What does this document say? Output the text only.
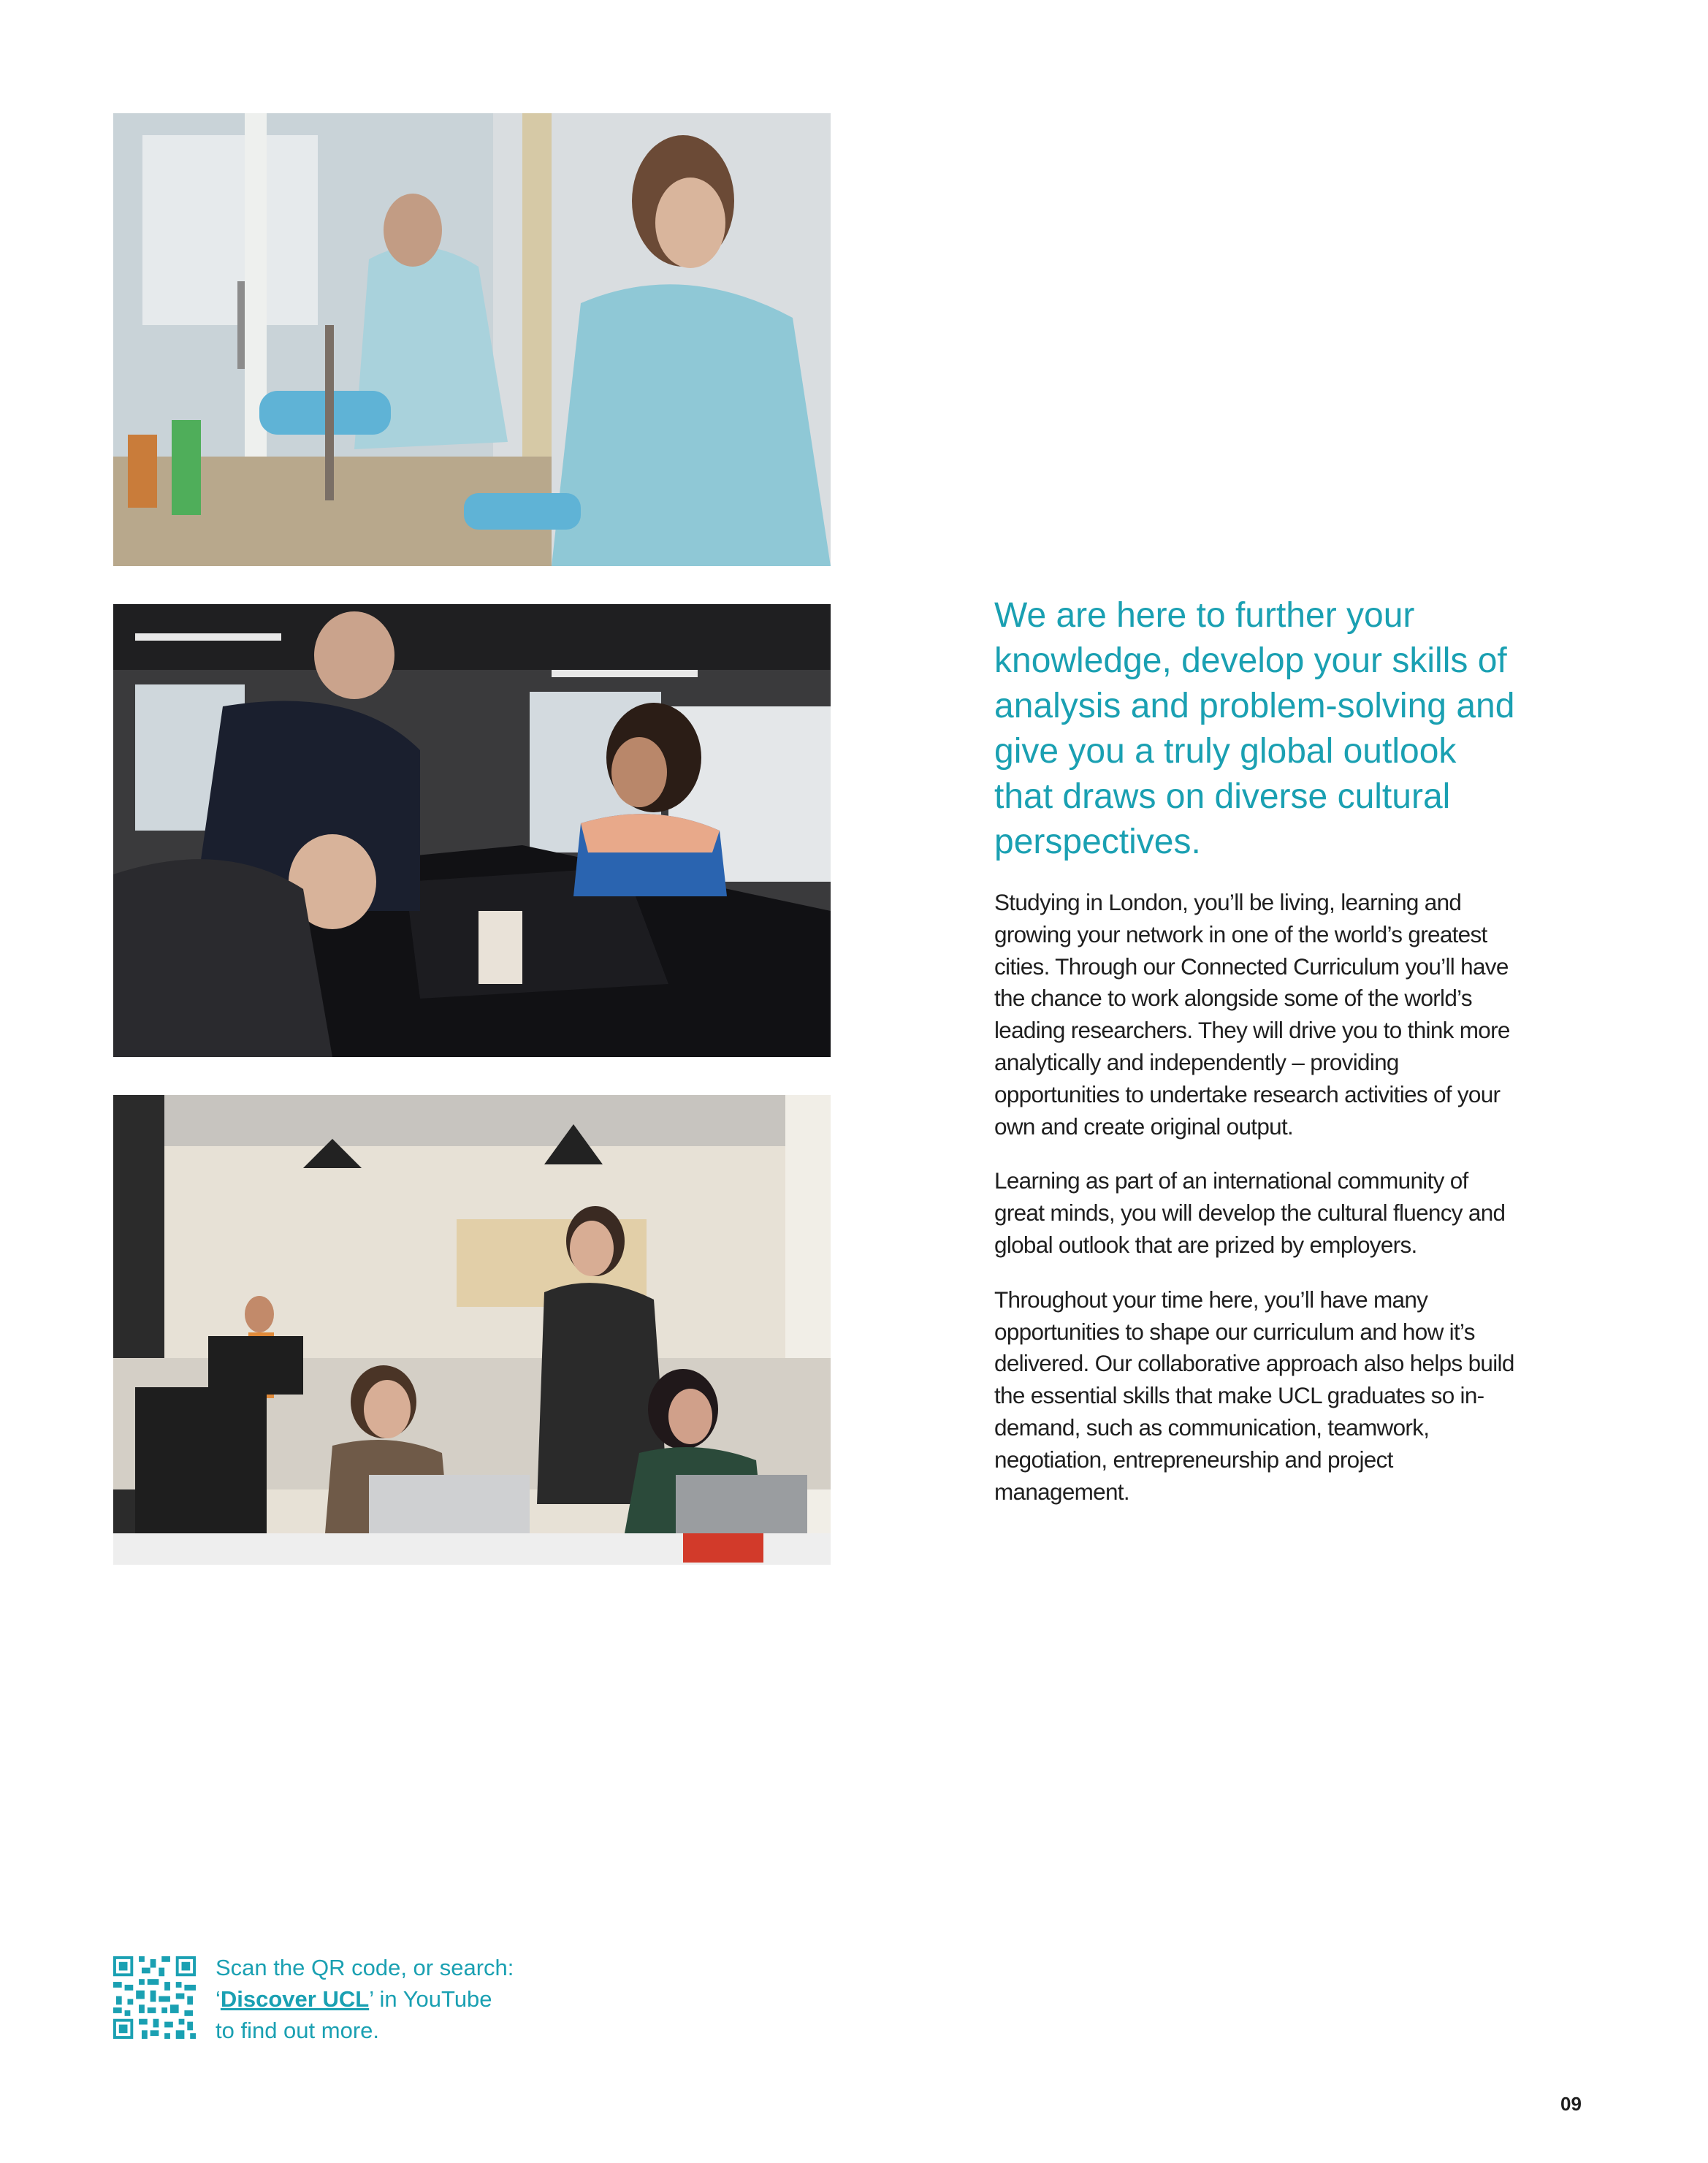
We are here to further your knowledge, develop your skills of analysis and problem-solving and give you a truly global outlook that draws on diverse cultural perspectives.

Studying in London, you’ll be living, learning and growing your network in one of the world’s greatest cities. Through our Connected Curriculum you’ll have the chance to work alongside some of the world’s leading researchers. They will drive you to think more analytically and independently – providing opportunities to undertake research activities of your own and create original output.

Learning as part of an international community of great minds, you will develop the cultural fluency and global outlook that are prized by employers.

Throughout your time here, you’ll have many opportunities to shape our curriculum and how it’s delivered. Our collaborative approach also helps build the essential skills that make UCL graduates so in-demand, such as communication, teamwork, negotiation, entrepreneurship and project management.

Scan the QR code, or search:
‘Discover UCL’ in YouTube
to find out more.
09
